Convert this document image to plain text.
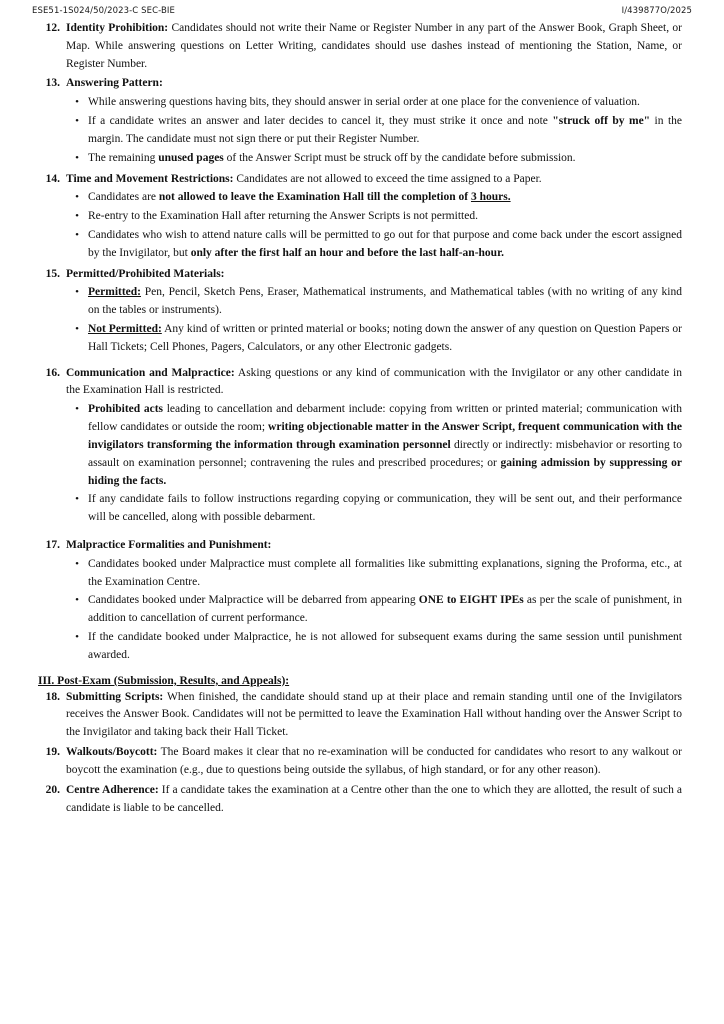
ESE51-1S024/50/2023-C SEC-BIE	I/439877O/2025
12. Identity Prohibition: Candidates should not write their Name or Register Number in any part of the Answer Book, Graph Sheet, or Map. While answering questions on Letter Writing, candidates should use dashes instead of mentioning the Station, Name, or Register Number.

13. Answering Pattern:

• While answering questions having bits, they should answer in serial order at one place for the convenience of valuation.
• If a candidate writes an answer and later decides to cancel it, they must strike it once and note "struck off by me" in the margin. The candidate must not sign there or put their Register Number.
• The remaining unused pages of the Answer Script must be struck off by the candidate before submission.
14. Time and Movement Restrictions: Candidates are not allowed to exceed the time assigned to a Paper.

• Candidates are not allowed to leave the Examination Hall till the completion of 3 hours.
• Re-entry to the Examination Hall after returning the Answer Scripts is not permitted.
• Candidates who wish to attend nature calls will be permitted to go out for that purpose and come back under the escort assigned by the Invigilator, but only after the first half an hour and before the last half-an-hour.
15. Permitted/Prohibited Materials:

• Permitted: Pen, Pencil, Sketch Pens, Eraser, Mathematical instruments, and Mathematical tables (with no writing of any kind on the tables or instruments).
• Not Permitted: Any kind of written or printed material or books; noting down the answer of any question on Question Papers or Hall Tickets; Cell Phones, Pagers, Calculators, or any other Electronic gadgets.
16. Communication and Malpractice: Asking questions or any kind of communication with the Invigilator or any other candidate in the Examination Hall is restricted.

• Prohibited acts leading to cancellation and debarment include: copying from written or printed material; communication with fellow candidates or outside the room; writing objectionable matter in the Answer Script, frequent communication with the invigilators transforming the information through examination personnel directly or indirectly: misbehavior or resorting to assault on examination personnel; contravening the rules and prescribed procedures; or gaining admission by suppressing or hiding the facts.
• If any candidate fails to follow instructions regarding copying or communication, they will be sent out, and their performance will be cancelled, along with possible debarment.
17. Malpractice Formalities and Punishment:

• Candidates booked under Malpractice must complete all formalities like submitting explanations, signing the Proforma, etc., at the Examination Centre.
• Candidates booked under Malpractice will be debarred from appearing ONE to EIGHT IPEs as per the scale of punishment, in addition to cancellation of current performance.
• If the candidate booked under Malpractice, he is not allowed for subsequent exams during the same session until punishment awarded.
III. Post-Exam (Submission, Results, and Appeals):
18. Submitting Scripts: When finished, the candidate should stand up at their place and remain standing until one of the Invigilators receives the Answer Book. Candidates will not be permitted to leave the Examination Hall without handing over the Answer Script to the Invigilator and taking back their Hall Ticket.

19. Walkouts/Boycott: The Board makes it clear that no re-examination will be conducted for candidates who resort to any walkout or boycott the examination (e.g., due to questions being outside the syllabus, of high standard, or for any other reason).

20. Centre Adherence: If a candidate takes the examination at a Centre other than the one to which they are allotted, the result of such a candidate is liable to be cancelled.
